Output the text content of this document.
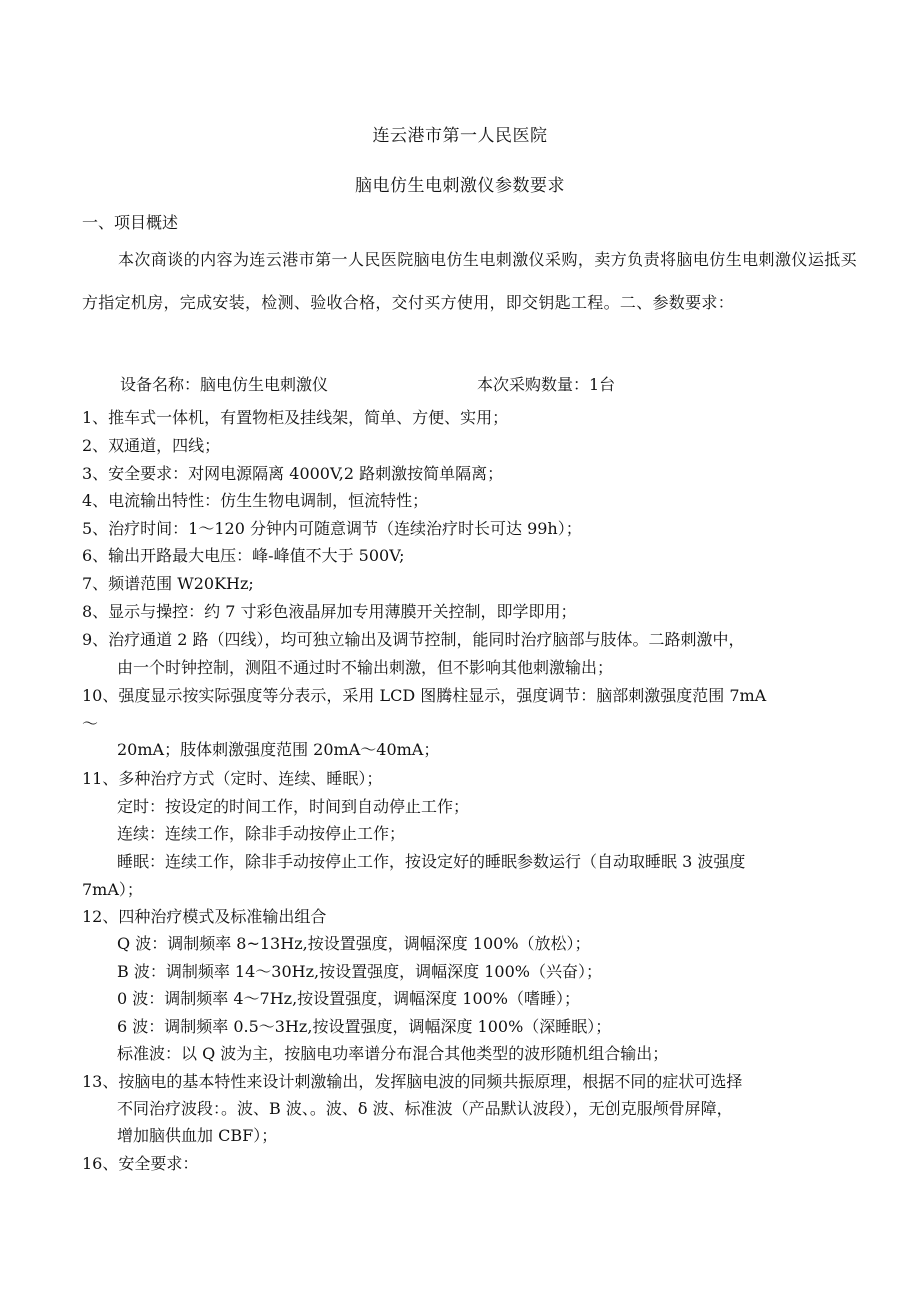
连云港市第一人民医院
脑电仿生电刺激仪参数要求
一、项目概述
本次商谈的内容为连云港市第一人民医院脑电仿生电刺激仪采购，卖方负责将脑电仿生电刺激仪运抵买方指定机房，完成安装，检测、验收合格，交付买方使用，即交钥匙工程。二、参数要求：
设备名称：脑电仿生电刺激仪	本次采购数量：1台
1、推车式一体机，有置物柜及挂线架，简单、方便、实用；
2、双通道，四线；
3、安全要求：对网电源隔离 4000V,2 路刺激按简单隔离；
4、电流输出特性：仿生生物电调制，恒流特性；
5、治疗时间：1～120 分钟内可随意调节（连续治疗时长可达 99h）；
6、输出开路最大电压：峰-峰值不大于 500V;
7、频谱范围 W20KHz;
8、显示与操控：约 7 寸彩色液晶屏加专用薄膜开关控制，即学即用；
9、治疗通道 2 路（四线），均可独立输出及调节控制，能同时治疗脑部与肢体。二路刺激中，
由一个时钟控制，测阻不通过时不输出刺激，但不影响其他刺激输出；
10、强度显示按实际强度等分表示，采用 LCD 图腾柱显示，强度调节：脑部刺激强度范围 7mA
～
20mA；肢体刺激强度范围 20mA～40mA；
11、多种治疗方式（定时、连续、睡眠）；
定时：按设定的时间工作，时间到自动停止工作；
连续：连续工作，除非手动按停止工作；
睡眠：连续工作，除非手动按停止工作，按设定好的睡眠参数运行（自动取睡眠 3 波强度
7mA）；
12、四种治疗模式及标准输出组合
Q 波：调制频率 8~13Hz,按设置强度，调幅深度 100%（放松）；
B 波：调制频率 14～30Hz,按设置强度，调幅深度 100%（兴奋）；
0 波：调制频率 4～7Hz,按设置强度，调幅深度 100%（嗜睡）；
6 波：调制频率 0.5～3Hz,按设置强度，调幅深度 100%（深睡眠）；
标准波：以 Q 波为主，按脑电功率谱分布混合其他类型的波形随机组合输出；
13、按脑电的基本特性来设计刺激输出，发挥脑电波的同频共振原理，根据不同的症状可选择
不同治疗波段：。波、B 波、。波、δ 波、标准波（产品默认波段），无创克服颅骨屏障，
增加脑供血加 CBF）；
16、安全要求：
